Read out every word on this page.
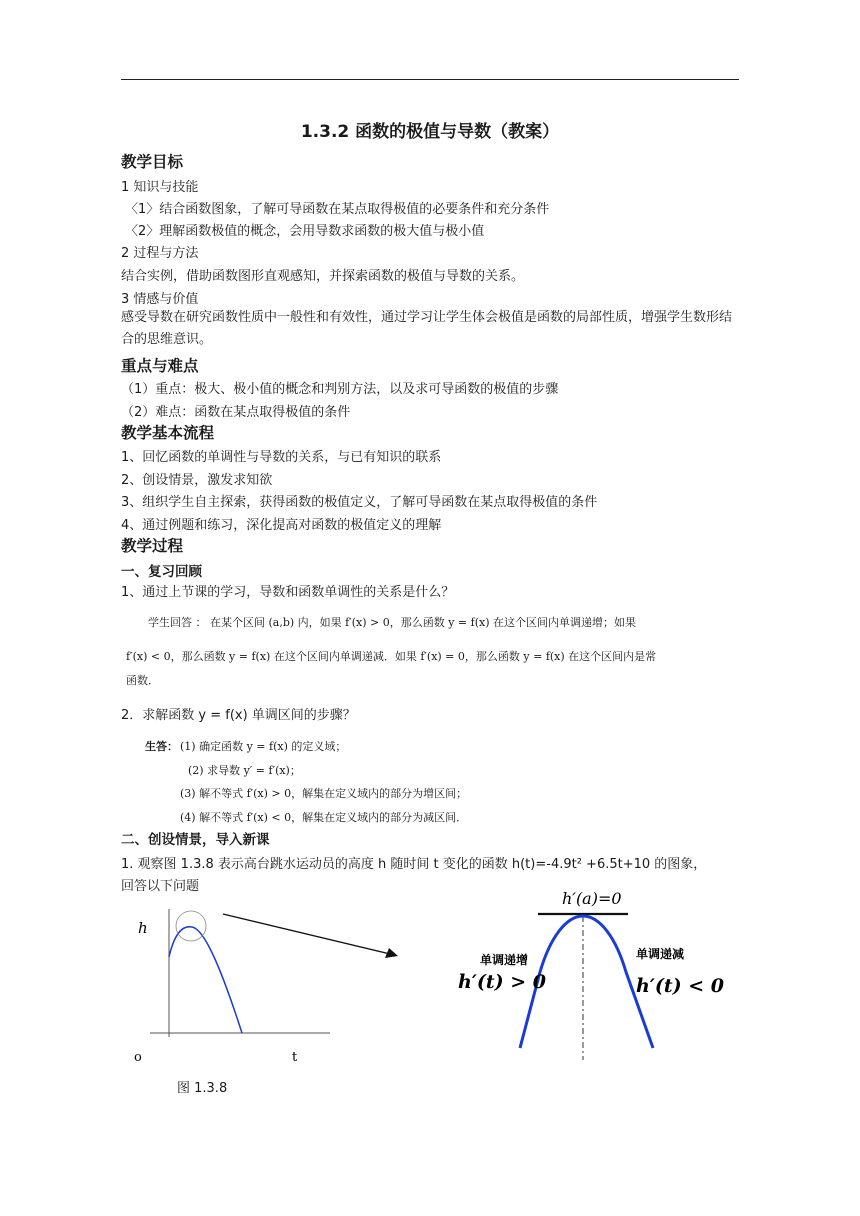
1.3.2 函数的极值与导数（教案）
教学目标
1 知识与技能
〈1〉结合函数图象，了解可导函数在某点取得极值的必要条件和充分条件
〈2〉理解函数极值的概念，会用导数求函数的极大值与极小值
2 过程与方法
结合实例，借助函数图形直观感知，并探索函数的极值与导数的关系。
3 情感与价值
感受导数在研究函数性质中一般性和有效性，通过学习让学生体会极值是函数的局部性质，增强学生数形结合的思维意识。
重点与难点
（1）重点：极大、极小值的概念和判别方法，以及求可导函数的极值的步骤
（2）难点：函数在某点取得极值的条件
教学基本流程
1、回忆函数的单调性与导数的关系，与已有知识的联系
2、创设情景，激发求知欲
3、组织学生自主探索，获得函数的极值定义，了解可导函数在某点取得极值的条件
4、通过例题和练习，深化提高对函数的极值定义的理解
教学过程
一、复习回顾
1、通过上节课的学习，导数和函数单调性的关系是什么？
学生回答 ： 在某个区间 (a,b) 内，如果 f′(x) > 0，那么函数 y = f(x) 在这个区间内单调递增；如果
f′(x) < 0，那么函数 y = f(x) 在这个区间内单调递减．如果 f′(x) = 0，那么函数 y = f(x) 在这个区间内是常
函数．
2．求解函数 y = f(x) 单调区间的步骤？
生答： (1) 确定函数 y = f(x) 的定义域；
(2) 求导数 y′ = f′(x)；
(3) 解不等式 f′(x) > 0，解集在定义域内的部分为增区间；
(4) 解不等式 f′(x) < 0，解集在定义域内的部分为减区间．
二、创设情景，导入新课
1. 观察图 1.3.8 表示高台跳水运动员的高度 h 随时间 t 变化的函数 h(t)=-4.9t² +6.5t+10 的图象，
回答以下问题
h
o	t
图 1.3.8
h′(a)=0
单调递增
h′(t) > 0
单调递减
h′(t) < 0
